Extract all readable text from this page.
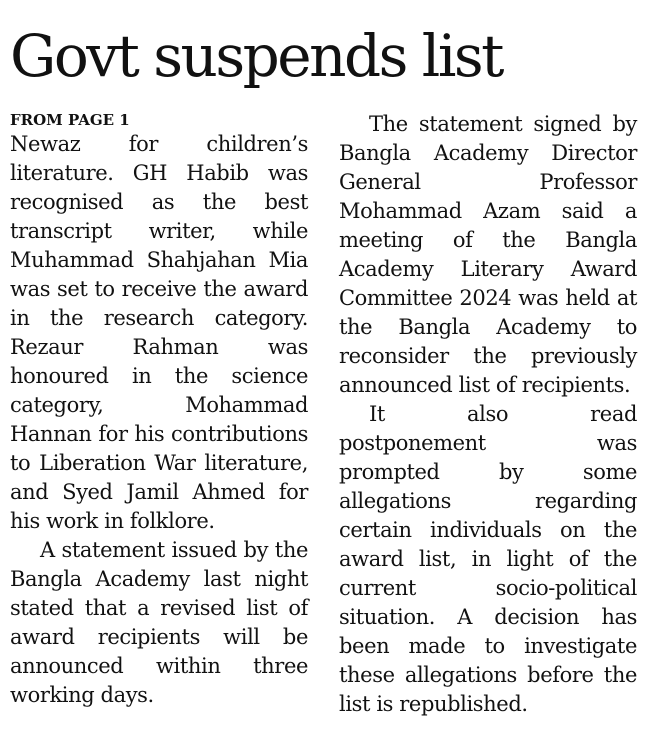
Govt suspends list
FROM PAGE 1

Newaz for children’s literature. GH Habib was recognised as the best transcript writer, while Muhammad Shahjahan Mia was set to receive the award in the research category. Rezaur Rahman was honoured in the science category, Mohammad Hannan for his contributions to Liberation War literature, and Syed Jamil Ahmed for his work in folklore.

A statement issued by the Bangla Academy last night stated that a revised list of award recipients will be announced within three working days.

The statement signed by Bangla Academy Director General Professor Mohammad Azam said a meeting of the Bangla Academy Literary Award Committee 2024 was held at the Bangla Academy to reconsider the previously announced list of recipients.

It also read postponement was prompted by some allegations regarding certain individuals on the award list, in light of the current socio-political situation. A decision has been made to investigate these allegations before the list is republished.
